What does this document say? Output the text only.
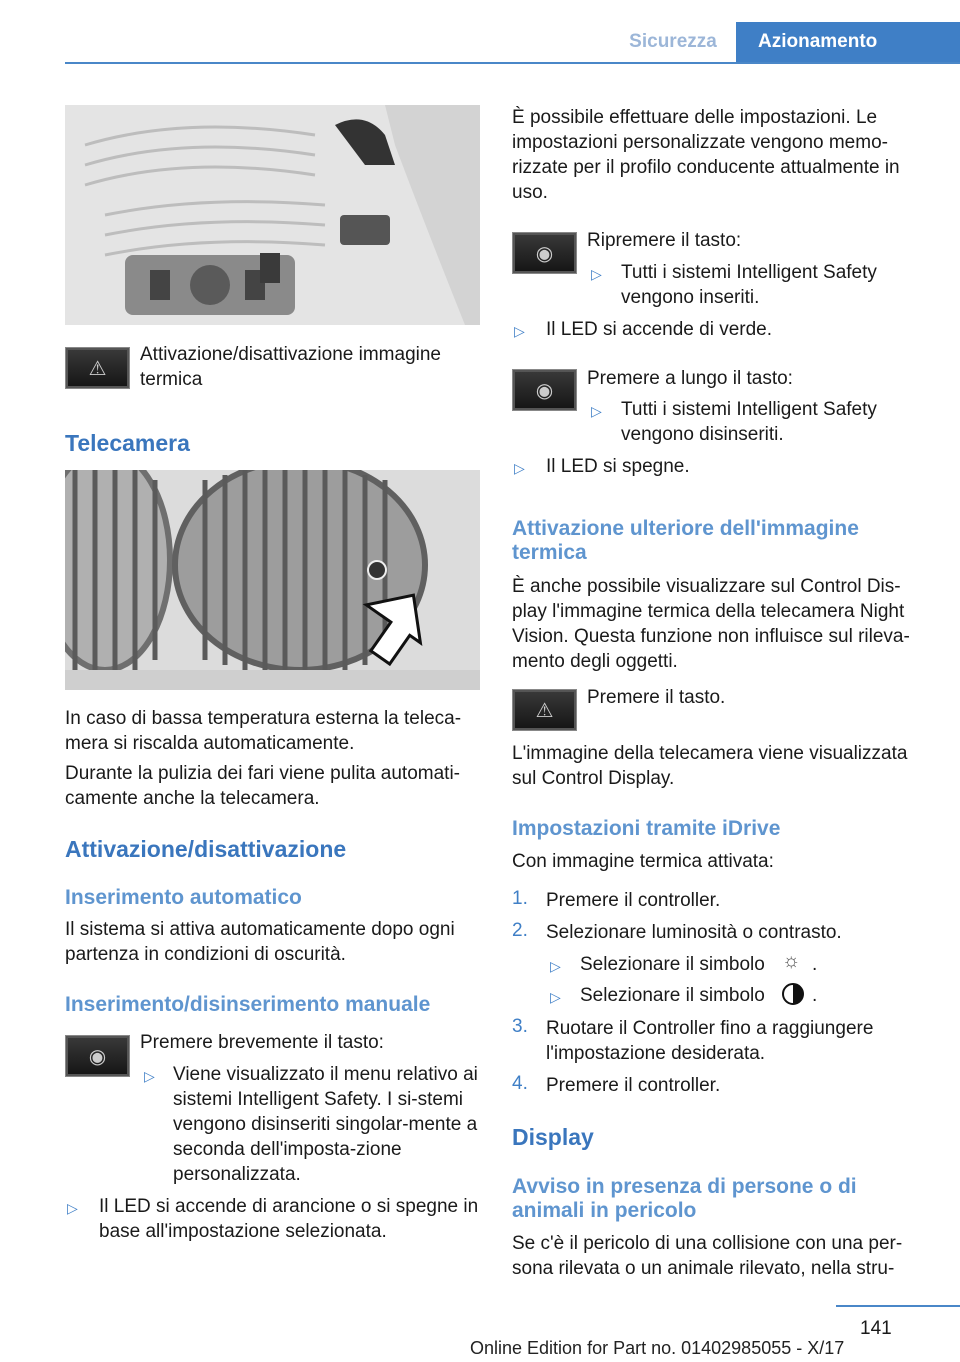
Sicurezza	Azionamento
⚠

Attivazione/disattivazione immagine termica

Telecamera

In caso di bassa temperatura esterna la teleca-mera si riscalda automaticamente.

Durante la pulizia dei fari viene pulita automati-camente anche la telecamera.

Attivazione/disattivazione

Inserimento automatico

Il sistema si attiva automaticamente dopo ogni partenza in condizioni di oscurità.

Inserimento/disinserimento manuale

◉

Premere brevemente il tasto:

▷ Viene visualizzato il menu relativo ai sistemi Intelligent Safety. I si-stemi vengono disinseriti singolar-mente a seconda dell'imposta-zione personalizzata.

▷ Il LED si accende di arancione o si spegne in base all'impostazione selezionata.

È possibile effettuare delle impostazioni. Le impostazioni personalizzate vengono memo-rizzate per il profilo conducente attualmente in uso.

◉

Ripremere il tasto:

▷ Tutti i sistemi Intelligent Safety vengono inseriti.

▷ Il LED si accende di verde.

◉

Premere a lungo il tasto:

▷ Tutti i sistemi Intelligent Safety vengono disinseriti.

▷ Il LED si spegne.

Attivazione ulteriore dell'immagine termica

È anche possibile visualizzare sul Control Dis-play l'immagine termica della telecamera Night Vision. Questa funzione non influisce sul rileva-mento degli oggetti.

⚠

Premere il tasto.

L'immagine della telecamera viene visualizzata sul Control Display.

Impostazioni tramite iDrive

Con immagine termica attivata:

1. Premere il controller.

2. Selezionare luminosità o contrasto.

▷ Selezionare il simbolo ☼ .
▷ Selezionare il simbolo .
3. Ruotare il Controller fino a raggiungere l'impostazione desiderata.

4. Premere il controller.

Display

Avviso in presenza di persone o di animali in pericolo

Se c'è il pericolo di una collisione con una per-sona rilevata o un animale rilevato, nella stru-

141
Online Edition for Part no. 01402985055 - X/17
